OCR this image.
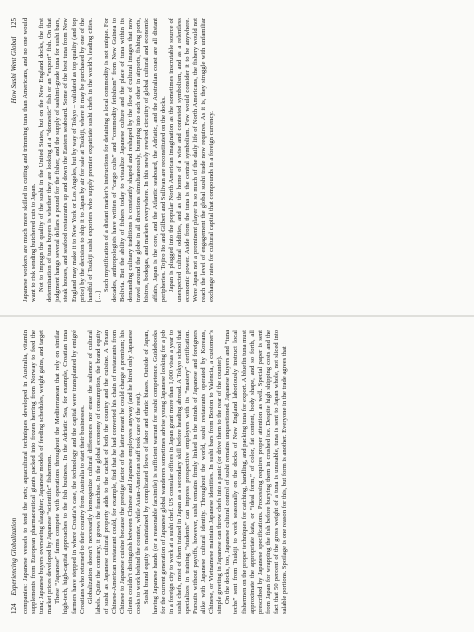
124
Experiencing Globalization companies: Japanese vessels to tend the nets; aquacultural techniques developed in Australia, vitamin supplements from European pharmaceutical giants packed into frozen herring from Norway to feed the tuna; Japanese buyers overseeing slaughter; Japanese models of feeding schedules, weight gains, and target market prices developed by Japanese “scientific” fishermen. These “Japanese” farms compete with operations throughout the Mediterranean that rely on similar high-tech, high-capital approaches to the fish business. In the Adriatic Sea, for example, Croatian tuna farmers have stepped in where Croatia’s case, the technology and the capital were transplanted by emigré Croatians who returned to their country from Australia to start their businesses. Globalization doesn’t necessarily homogenize cultural differences nor erase the salience of cultural labels. Quite the contrary, it grows the franchise. In the global economy of consumption, the brand equity of sushi as Japanese cultural property adds to the cachet of both the country and the cuisine. A Texan Chinese-American restaurant could, for example, find that he had converted his chain of restaurants from Chinese to Japanese cuisine because the prestige factor of the latter meant he could charge a premium; his clients couldn’t distinguish between Chinese and Japanese employees anyway (and he hired only Japanese cooks to work behind the counter, while Asian-American staff took care of the rest). Sushi brand equity is maintained by complicated flows of labor and ethnic biases. Outside of Japan, having Japanese hands (or a reasonable facsimile) is sufficient warrant for sushi competence. Guidebooks for the current generation of Japanese global wanderers sometimes advise young Japanese looking for a job in a foreign city to work at a sushi chef. US consular offices in Japan grant more than 1,000 visas a year to sushi chefs, most of them trained in Japan as a secondary skill before heading abroad. A Tokyo school that specializes in training “students” can impress prospective employers with its “mastery” certification. Pursuits without payoffs, however, sushi remains firmly linked in the minds of Japanese and foreigners alike with Japanese cultural identity. Throughout the world, sushi restaurants operated by Koreans, Chinese, or Vietnamese maintain Japanese identities. In sushi bars from Boston to Valencia, a customer’s simple greeting in Japanese can throw chefs into a panic (or drive them to the rear of the counter). On the docks, too, Japanese cultural control of sushi remains unquestioned. Japanese buyers and “tuna techs” sent from Tsukiji to work seasonally on the docks of New England laboriously instruct local fishermen on the proper techniques for catching, handling, and packing tuna for export. A bluefin tuna must approximate the appropriate kata, or “ideal form,” of color, fat content, body shape, and so forth, all prescribed by Japanese specifications. Processing requires proper attention as well. Special paper is sent from Japan for wrapping the fish before burying them in crushed ice. Despite high shipping costs and the fact that 50 percent of the gross weight of a tuna is unusable, tuna is sent to Japan whole, not sliced into salable portions. Spoilage is one reason for this, but form is another. Everyone in the trade agrees that

How Sushi Went Global
125 Japanese workers are much more skilled in cutting and trimming tuna than Americans, and no one would want to risk sending butchered cuts to Japan. Not to impugn the quality of the sushi in the United States, but on the New England docks, the first determination of tuna buyers is whether they are looking at a “domestic” fish or an “export” fish. On that judgment hangs several dollars a pound for the fisher, and the supply of sashimi-grade tuna for sushi bars, steak houses, and seafood restaurants up and down the Eastern seaboard. Some of the best tuna from New England may make it to New York or Los Angeles, but by way of Tokyo – validated as top quality (and top price) by the decision to ship it to Japan by air for sale at Tsukiji, where it may be purchased by one of the handful of Tsukiji sushi exporters who supply premier expatriate sushi chefs in the world’s leading cities. […]

Such mystification of a distant market’s instructions for detaining a local commodity is not unique. For decades, anthropologists have written of “cargo cults” and “commodity fetishism” from New Guinea to Bolivia. But the ability of fishers today to visualize Japanese culture and the place of tuna within its demanding culinary traditions is constantly shaped and reshaped by the flow of cultural images that now travel around the globe in all directions simultaneously, bumping into each other in airports, fishing ports, bistros, bodegas, and markets everywhere. In this newly rewired circuitry of global cultural and economic affairs, Japan is the core, and the Atlantic seaboard, the Adriatic, and the Australian coast are all distant peripheries. Tojiro Ito and Gilbert and Sullivan are reconstituted on the docks. Japan is plugged into the popular North American imagination as the sometimes inscrutable source of unexpected cultural oddities, and as the home of a wise and contested symbolism, and as a relentless economic power. Aside from the tuna is the central symbolism. Few would consider it to be anywhere. Were Japan not a prominent player in so much of the daily life of North Americans, the fishery would not reach the level of engagement the global sushi trade now requires. As it is, they struggle with unfamiliar exchange rates for cultural capital that compounds in a foreign currency.
